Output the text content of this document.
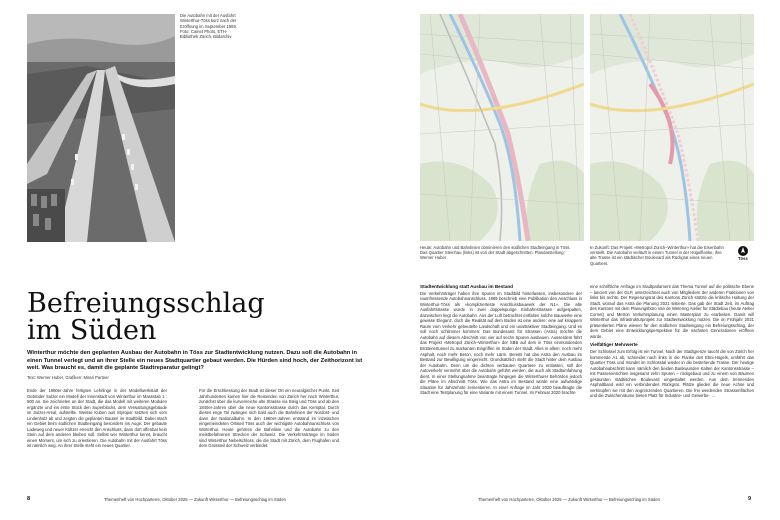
Die Autobahn mit der Ausfahrt Winterthur-Töss kurz nach der Eröffnung im September 1969. Foto: Comet Photo, ETH-Bibliothek Zürich, Bildarchiv
Heute: Autobahn und Bahnlinien dominieren den südlichen Stadteingang in Töss. Das Quartier Steinhau (links) ist von der Stadt abgeschnitten. Plandarstellung: Werner Huber
In Zukunft: Das Projekt «Metropol Zürich–Winterthur» hat die Eisenbahn verstellt. Die Autobahn verläuft in einem Tunnel in der Hügelflanke, ihre alte Trasse ist ein städtischer Boulevard als Rückgrat eines neuen Quartiers.
Töss
Befreiungsschlag
im Süden
Winterthur möchte den geplanten Ausbau der Autobahn in Töss zur Stadtentwicklung nutzen. Dazu soll die Autobahn in einen Tunnel verlegt und an ihrer Stelle ein neues Stadtquartier gebaut werden. Die Hürden sind hoch, der Zeithorizont ist weit. Was braucht es, damit die geplante Stadtreparatur gelingt?
Text: Werner Huber, Grafiken: Mirari Partner

Ende der 1960er-Jahre fertigten Lehrlinge in der Modellwerkstatt der Gebrüder Sulzer ein Modell der Innenstadt von Winterthur im Massstab 1 : 500 an. Sie zeichneten an der Stadt, die das Modell mit weiteren Modulen ergänzte und ins erste Stück den Superblocks, dem Verwaltungsgebäude im Sulzer-Areal, aufstellte. Weisse Kuben aus Styropor setzten sich vom Lindenholz ab und zeigten die geplanten Bauten im Stadtbild. Dabei stach ein Gebiet beim südlichen Stadteingang besonders ins Auge: Der gebaute Ladeweg und neuer Kültzer erreicht den Anschluss, dann dort offenbar kein Stein auf dem anderen bleiben soll. Selbst wer Winterthur kennt, braucht einen Moment, um sich zu orientieren. Die Autobahn mit der Ausfahrt Töss ist nämlich weg. An ihrer Stelle steht ein neues Quartier.

Für die Erschliessung der Stadt ist dieser Ort ein neuralgischer Punkt. Seit Jahrhunderten kamen hier die Reisenden von Zürich her nach Winterthur, zunächst über die kurvenreiche alte Strasse via Steig und Töss und ab den 1840er-Jahren über die neue Kantonsstrasse durch das Kemptal. Durch dieses enge Tal zwängen sich bald auch die Bahnlinien der Nordost- und dann der Nationalbahn. In den 1960er-Jahren entstand im inzwischen eingemeindeten Ortsteil Töss auch der wichtigste Autobahnanschluss von Winterthur. Heute gehören die Bahnlinie und die Autobahn zu den meistbefahrenen Strecken der Schweiz. Die Verkehrsstränge im Süden sind Winterthur Nebelschloss, die die Stadt mit Zürich, dem Flughafen und dem Grossteil der Schweiz verbindet.

Stadtentwicklung statt Ausbau im Bestand

Die Verkehrsträger haben ihre Spuren im Stadtbild hinterlassen, insbesondere der raumfressende Autobahnanschluss. 1969 beschrieb eine Publikation den Anschluss in Winterthur-Töss als «komplizierteste Anschlussbauwerk der N1». Die alte Ausfahrtstrasse wurde in zwei doppelspurige Einbahnstrassen aufgespalten, dazwischen liegt die Autobahn. Aus der Luft betrachtet entfalten solche Bauwerke eine gewisse Eleganz, doch die Realität auf dem Boden ist eine andere: eine auf knappem Raum vom Verkehr gebeutelte Landschaft und ein unattraktiver Stadteingang. Und es soll noch schlimmer kommen: Das Bundesamt für Strassen (Astra) möchte die Autobahn auf diesem Abschnitt von vier auf sechs Spuren ausbauen. Ausserdem führt das Projekt «Metropol Zürich–Winterthur» der SBB auf dem in Töss einmündenden Brüttenertunnel zu markanten Eingriffen im Süden der Stadt. Alles in allem: noch mehr Asphalt, noch mehr Beton, noch mehr Lärm. Bereits hat das Astra den Ausbau im Bestand zur Bewilligung eingereicht. Grundsätzlich steht die Stadt hinter dem Ausbau der Autobahn. Denn um die dichten verbauten Quartiere zu entlasten, soll der Autoverkehr vermehrt über die Autobahn geführt werden, die auch als Stadtumfahrung dient. In einer Stellungnahme beantragte hingegen die Winterthurer Behörden jedoch die Pläne im Abschnitt Töss. Wie das Astra im Bestand würde eine aufwändige Situation für Jahrzehnte zementieren. In einer Anfrage im Jahr 2020 beauftragte die Stadt eine Testplanung für eine Variante mit einem Tunnel. Im Februar 2020 brachte

eine schriftliche Anfrage im Stadtparlament das Thema Tunnel auf die politische Ebene – lanciert von der GLP, unterzeichnet auch von Mitgliedern der anderen Fraktionen von links bis rechts. Der Regierungsrat des Kantons Zürich stützte die kritische Haltung der Stadt, worauf das Astra die Planung 2021 sistierte. Das gab der Stadt Zeit, im Auftrag des Kantons mit dem Planungsbüro Van de Wetering Atelier für Städtebau (heute Atelier Cornet) und Metron Verkehrsplanung einen Masterplan zu erarbeiten. Damit will Winterthur das Infrastrukturprojekt zur Stadtentwicklung nutzen. Die im Frühjahr 2021 präsentierten Pläne wiesen für den südlichen Stadteingang ein Befreiungsschlag, der dem Gebiet eine Entwicklungsperspektive für die nächsten Generationen eröffnen würde.

Vielfältiger Mehrwerte

Der Schlüssel zum Erfolg ist ein Tunnel. Nach der Stadtgrenze taucht die von Zürich her kommende A1 ab, schneidet nach links in die Flanke des Ebni-Hügels, umfährt das Quartier Töss und mündet im Schlosstal wieder in die bestehende Trasse. Der heutige Autobahnabschnitt kann nämlich den beiden Bankwunden Kalten der Kantonsstrasse – mit Passereinrichten insgesamt zehn Spuren – rückgebaut und zu einem von Bäumen gesäumten städtischen Boulevard umgestaltet werden. Aus dem trennenden Asphaltband wird ein verbindendes Rückgrat. Plätze glieden die neue Achse und verknüpfen sie mit den angrenzenden Quartieren. Die frei werdenden Strassenflächen und die Zwischenräume bieten Platz für Industrie- und Gewerbe- →

8	Themenheft von Hochparterre, Oktober 2025 — Zukunft Winterthur — Befreiungsschlag im Süden	Themenheft von Hochparterre, Oktober 2025 — Zukunft Winterthur — Befreiungsschlag im Süden	9
